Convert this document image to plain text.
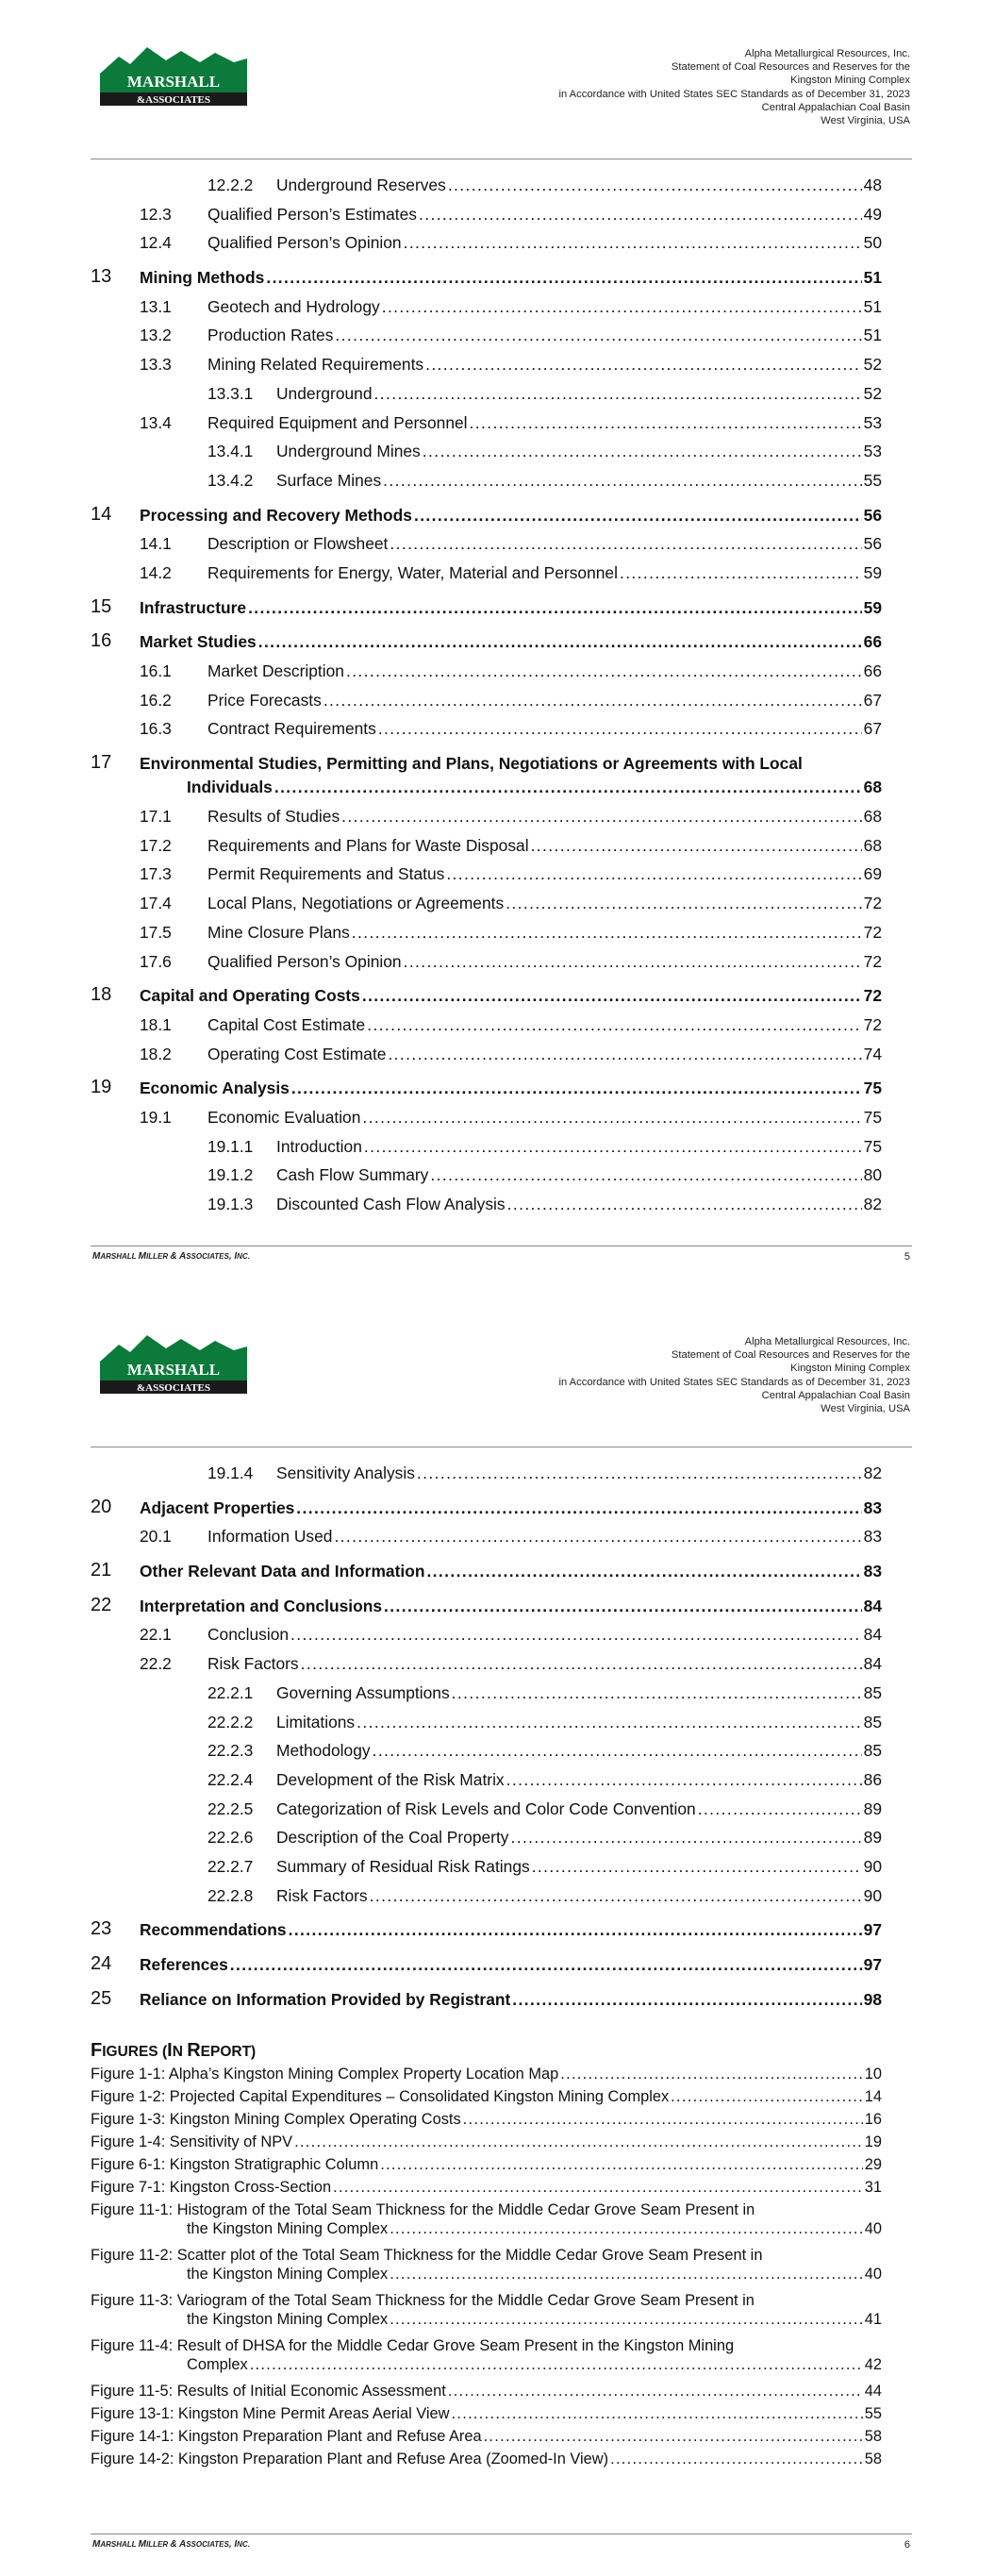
MARSHALL
&ASSOCIATES
Alpha Metallurgical Resources, Inc.
Statement of Coal Resources and Reserves for the
Kingston Mining Complex
in Accordance with United States SEC Standards as of December 31, 2023
Central Appalachian Coal Basin
West Virginia, USA
12.2.2 Underground Reserves .....	48
12.3 Qualified Person’s Estimates .....	49
12.4 Qualified Person’s Opinion .....	50
13 Mining Methods .....	51
13.1 Geotech and Hydrology .....	51
13.2 Production Rates .....	51
13.3 Mining Related Requirements .....	52
13.3.1 Underground .....	52
13.4 Required Equipment and Personnel .....	53
13.4.1 Underground Mines .....	53
13.4.2 Surface Mines .....	55
14 Processing and Recovery Methods .....	56
14.1 Description or Flowsheet .....	56
14.2 Requirements for Energy, Water, Material and Personnel .....	59
15 Infrastructure .....	59
16 Market Studies .....	66
16.1 Market Description .....	66
16.2 Price Forecasts .....	67
16.3 Contract Requirements .....	67
17 Environmental Studies, Permitting and Plans, Negotiations or Agreements with Local
Individuals .....	68
17.1 Results of Studies .....	68
17.2 Requirements and Plans for Waste Disposal .....	68
17.3 Permit Requirements and Status .....	69
17.4 Local Plans, Negotiations or Agreements .....	72
17.5 Mine Closure Plans .....	72
17.6 Qualified Person’s Opinion .....	72
18 Capital and Operating Costs .....	72
18.1 Capital Cost Estimate .....	72
18.2 Operating Cost Estimate .....	74
19 Economic Analysis .....	75
19.1 Economic Evaluation .....	75
19.1.1 Introduction .....	75
19.1.2 Cash Flow Summary .....	80
19.1.3 Discounted Cash Flow Analysis .....	82
MARSHALL MILLER & ASSOCIATES, INC.	5
MARSHALL
&ASSOCIATES
Alpha Metallurgical Resources, Inc.
Statement of Coal Resources and Reserves for the
Kingston Mining Complex
in Accordance with United States SEC Standards as of December 31, 2023
Central Appalachian Coal Basin
West Virginia, USA
19.1.4 Sensitivity Analysis .....	82
20 Adjacent Properties .....	83
20.1 Information Used .....	83
21 Other Relevant Data and Information .....	83
22 Interpretation and Conclusions .....	84
22.1 Conclusion .....	84
22.2 Risk Factors .....	84
22.2.1 Governing Assumptions .....	85
22.2.2 Limitations .....	85
22.2.3 Methodology .....	85
22.2.4 Development of the Risk Matrix .....	86
22.2.5 Categorization of Risk Levels and Color Code Convention .....	89
22.2.6 Description of the Coal Property .....	89
22.2.7 Summary of Residual Risk Ratings .....	90
22.2.8 Risk Factors .....	90
23 Recommendations .....	97
24 References .....	97
25 Reliance on Information Provided by Registrant .....	98
FIGURES (IN REPORT)
Figure 1-1: Alpha’s Kingston Mining Complex Property Location Map .....	10
Figure 1-2: Projected Capital Expenditures – Consolidated Kingston Mining Complex .....	14
Figure 1-3: Kingston Mining Complex Operating Costs .....	16
Figure 1-4: Sensitivity of NPV .....	19
Figure 6-1: Kingston Stratigraphic Column .....	29
Figure 7-1: Kingston Cross-Section .....	31
Figure 11-1: Histogram of the Total Seam Thickness for the Middle Cedar Grove Seam Present in
the Kingston Mining Complex .....	40
Figure 11-2: Scatter plot of the Total Seam Thickness for the Middle Cedar Grove Seam Present in
the Kingston Mining Complex .....	40
Figure 11-3: Variogram of the Total Seam Thickness for the Middle Cedar Grove Seam Present in
the Kingston Mining Complex .....	41
Figure 11-4: Result of DHSA for the Middle Cedar Grove Seam Present in the Kingston Mining
Complex .....	42
Figure 11-5: Results of Initial Economic Assessment .....	44
Figure 13-1: Kingston Mine Permit Areas Aerial View .....	55
Figure 14-1: Kingston Preparation Plant and Refuse Area .....	58
Figure 14-2: Kingston Preparation Plant and Refuse Area (Zoomed-In View) .....	58
MARSHALL MILLER & ASSOCIATES, INC.	6
